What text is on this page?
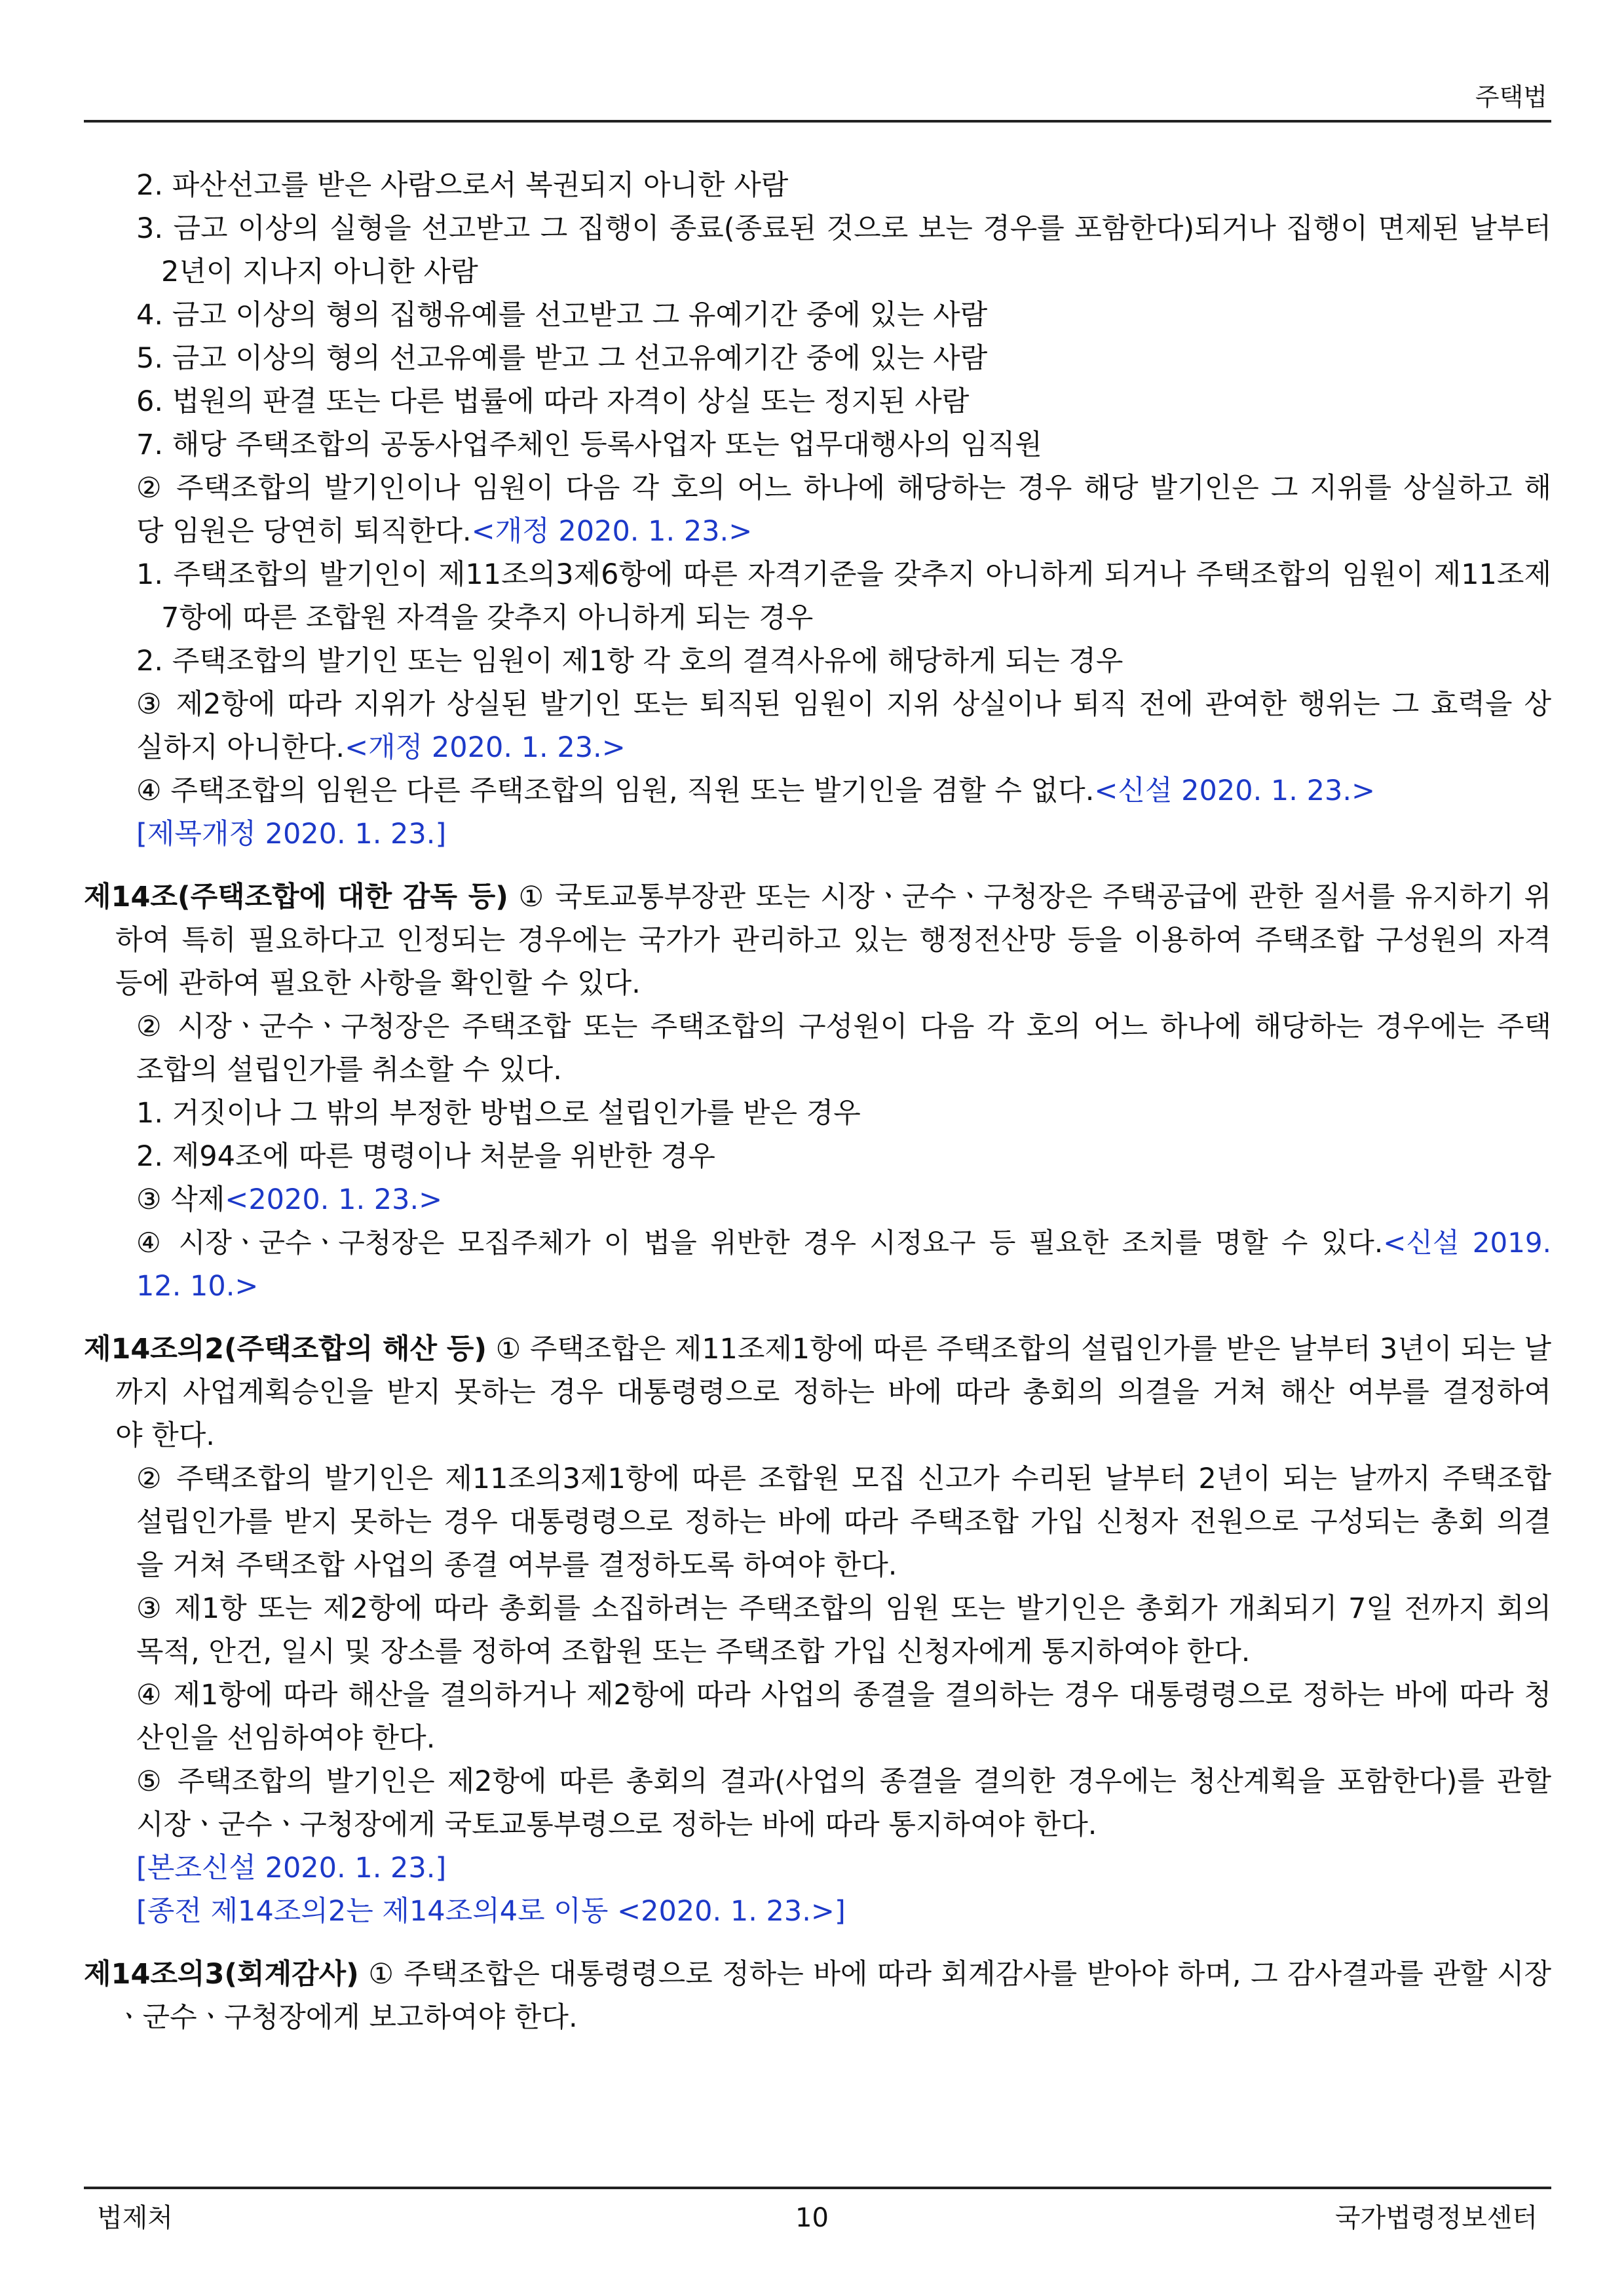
주택법
2. 파산선고를 받은 사람으로서 복권되지 아니한 사람
3. 금고 이상의 실형을 선고받고 그 집행이 종료(종료된 것으로 보는 경우를 포함한다)되거나 집행이 면제된 날부터
2년이 지나지 아니한 사람
4. 금고 이상의 형의 집행유예를 선고받고 그 유예기간 중에 있는 사람
5. 금고 이상의 형의 선고유예를 받고 그 선고유예기간 중에 있는 사람
6. 법원의 판결 또는 다른 법률에 따라 자격이 상실 또는 정지된 사람
7. 해당 주택조합의 공동사업주체인 등록사업자 또는 업무대행사의 임직원
② 주택조합의 발기인이나 임원이 다음 각 호의 어느 하나에 해당하는 경우 해당 발기인은 그 지위를 상실하고 해
당 임원은 당연히 퇴직한다.<개정 2020. 1. 23.>
1. 주택조합의 발기인이 제11조의3제6항에 따른 자격기준을 갖추지 아니하게 되거나 주택조합의 임원이 제11조제
7항에 따른 조합원 자격을 갖추지 아니하게 되는 경우
2. 주택조합의 발기인 또는 임원이 제1항 각 호의 결격사유에 해당하게 되는 경우
③ 제2항에 따라 지위가 상실된 발기인 또는 퇴직된 임원이 지위 상실이나 퇴직 전에 관여한 행위는 그 효력을 상
실하지 아니한다.<개정 2020. 1. 23.>
④ 주택조합의 임원은 다른 주택조합의 임원, 직원 또는 발기인을 겸할 수 없다.<신설 2020. 1. 23.>
[제목개정 2020. 1. 23.]
제14조(주택조합에 대한 감독 등) ① 국토교통부장관 또는 시장ㆍ군수ㆍ구청장은 주택공급에 관한 질서를 유지하기 위
하여 특히 필요하다고 인정되는 경우에는 국가가 관리하고 있는 행정전산망 등을 이용하여 주택조합 구성원의 자격
등에 관하여 필요한 사항을 확인할 수 있다.
② 시장ㆍ군수ㆍ구청장은 주택조합 또는 주택조합의 구성원이 다음 각 호의 어느 하나에 해당하는 경우에는 주택
조합의 설립인가를 취소할 수 있다.
1. 거짓이나 그 밖의 부정한 방법으로 설립인가를 받은 경우
2. 제94조에 따른 명령이나 처분을 위반한 경우
③ 삭제<2020. 1. 23.>
④ 시장ㆍ군수ㆍ구청장은 모집주체가 이 법을 위반한 경우 시정요구 등 필요한 조치를 명할 수 있다.<신설 2019.
12. 10.>
제14조의2(주택조합의 해산 등) ① 주택조합은 제11조제1항에 따른 주택조합의 설립인가를 받은 날부터 3년이 되는 날
까지 사업계획승인을 받지 못하는 경우 대통령령으로 정하는 바에 따라 총회의 의결을 거쳐 해산 여부를 결정하여
야 한다.
② 주택조합의 발기인은 제11조의3제1항에 따른 조합원 모집 신고가 수리된 날부터 2년이 되는 날까지 주택조합
설립인가를 받지 못하는 경우 대통령령으로 정하는 바에 따라 주택조합 가입 신청자 전원으로 구성되는 총회 의결
을 거쳐 주택조합 사업의 종결 여부를 결정하도록 하여야 한다.
③ 제1항 또는 제2항에 따라 총회를 소집하려는 주택조합의 임원 또는 발기인은 총회가 개최되기 7일 전까지 회의
목적, 안건, 일시 및 장소를 정하여 조합원 또는 주택조합 가입 신청자에게 통지하여야 한다.
④ 제1항에 따라 해산을 결의하거나 제2항에 따라 사업의 종결을 결의하는 경우 대통령령으로 정하는 바에 따라 청
산인을 선임하여야 한다.
⑤ 주택조합의 발기인은 제2항에 따른 총회의 결과(사업의 종결을 결의한 경우에는 청산계획을 포함한다)를 관할
시장ㆍ군수ㆍ구청장에게 국토교통부령으로 정하는 바에 따라 통지하여야 한다.
[본조신설 2020. 1. 23.]
[종전 제14조의2는 제14조의4로 이동 <2020. 1. 23.>]
제14조의3(회계감사) ① 주택조합은 대통령령으로 정하는 바에 따라 회계감사를 받아야 하며, 그 감사결과를 관할 시장
ㆍ군수ㆍ구청장에게 보고하여야 한다.
법제처	10	국가법령정보센터
